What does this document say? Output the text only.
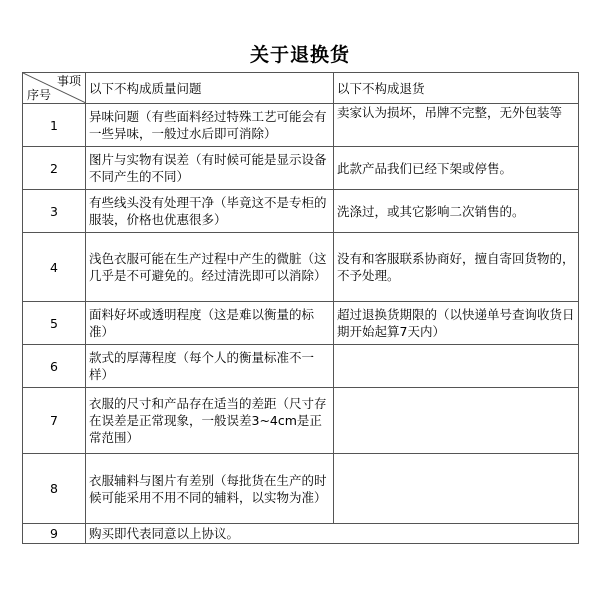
关于退换货
事项
序号	以下不构成质量问题	以下不构成退货
1	异味问题（有些面料经过特殊工艺可能会有一些异味，一般过水后即可消除）	卖家认为损坏，吊牌不完整，无外包装等
2	图片与实物有误差（有时候可能是显示设备不同产生的不同）	此款产品我们已经下架或停售。
3	有些线头没有处理干净（毕竟这不是专柜的服装，价格也优惠很多）	洗涤过，或其它影响二次销售的。
4	浅色衣服可能在生产过程中产生的微脏（这几乎是不可避免的。经过清洗即可以消除）	没有和客服联系协商好，擅自寄回货物的，不予处理。
5	面料好坏或透明程度（这是难以衡量的标准）	超过退换货期限的（以快递单号查询收货日期开始起算7天内）
6	款式的厚薄程度（每个人的衡量标准不一样）	
7	衣服的尺寸和产品存在适当的差距（尺寸存在误差是正常现象，一般误差3~4cm是正常范围）	
8	衣服辅料与图片有差别（每批货在生产的时候可能采用不用不同的辅料，以实物为准）	
9	购买即代表同意以上协议。	
